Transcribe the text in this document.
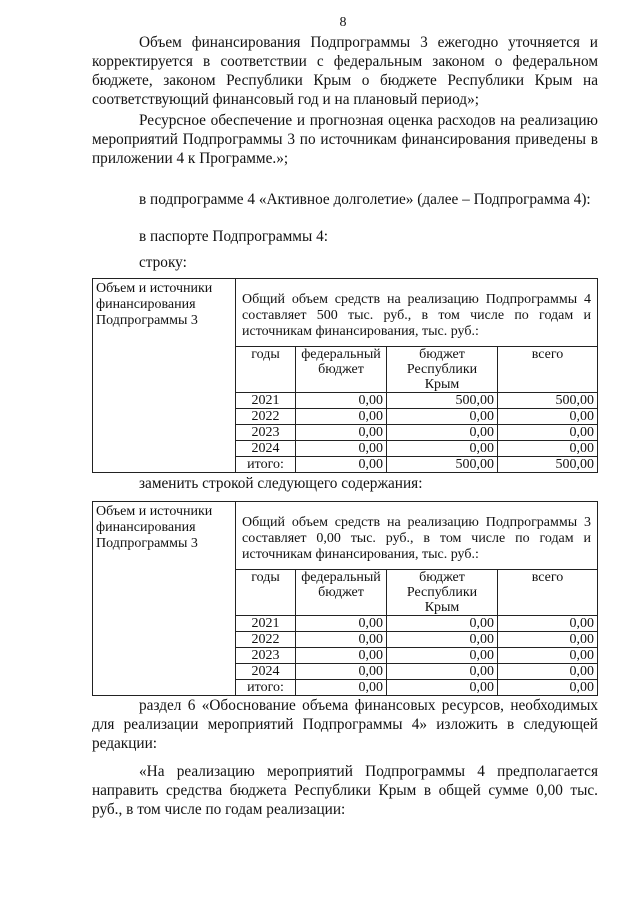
8

Объем финансирования Подпрограммы 3 ежегодно уточняется и корректируется в соответствии с федеральным законом о федеральном бюджете, законом Республики Крым о бюджете Республики Крым на соответствующий финансовый год и на плановый период»;

Ресурсное обеспечение и прогнозная оценка расходов на реализацию мероприятий Подпрограммы 3 по источникам финансирования приведены в приложении 4 к Программе.»;

в подпрограмме 4 «Активное долголетие» (далее – Подпрограмма 4):
в паспорте Подпрограммы 4:
строку:
Объем и источники финансирования Подпрограммы 3	Общий объем средств на реализацию Подпрограммы 4 составляет 500 тыс. руб., в том числе по годам и источникам финансирования, тыс. руб.:

годы	федеральный бюджет	бюджет Республики Крым	всего
2021	0,00	500,00	500,00
2022	0,00	0,00	0,00
2023	0,00	0,00	0,00
2024	0,00	0,00	0,00
итого:	0,00	500,00	500,00
заменить строкой следующего содержания:
Объем и источники финансирования Подпрограммы 3	Общий объем средств на реализацию Подпрограммы 3 составляет 0,00 тыс. руб., в том числе по годам и источникам финансирования, тыс. руб.:

годы	федеральный бюджет	бюджет Республики Крым	всего
2021	0,00	0,00	0,00
2022	0,00	0,00	0,00
2023	0,00	0,00	0,00
2024	0,00	0,00	0,00
итого:	0,00	0,00	0,00

раздел 6 «Обоснование объема финансовых ресурсов, необходимых для реализации мероприятий Подпрограммы 4» изложить в следующей редакции:

«На реализацию мероприятий Подпрограммы 4 предполагается направить средства бюджета Республики Крым в общей сумме 0,00 тыс. руб., в том числе по годам реализации:
